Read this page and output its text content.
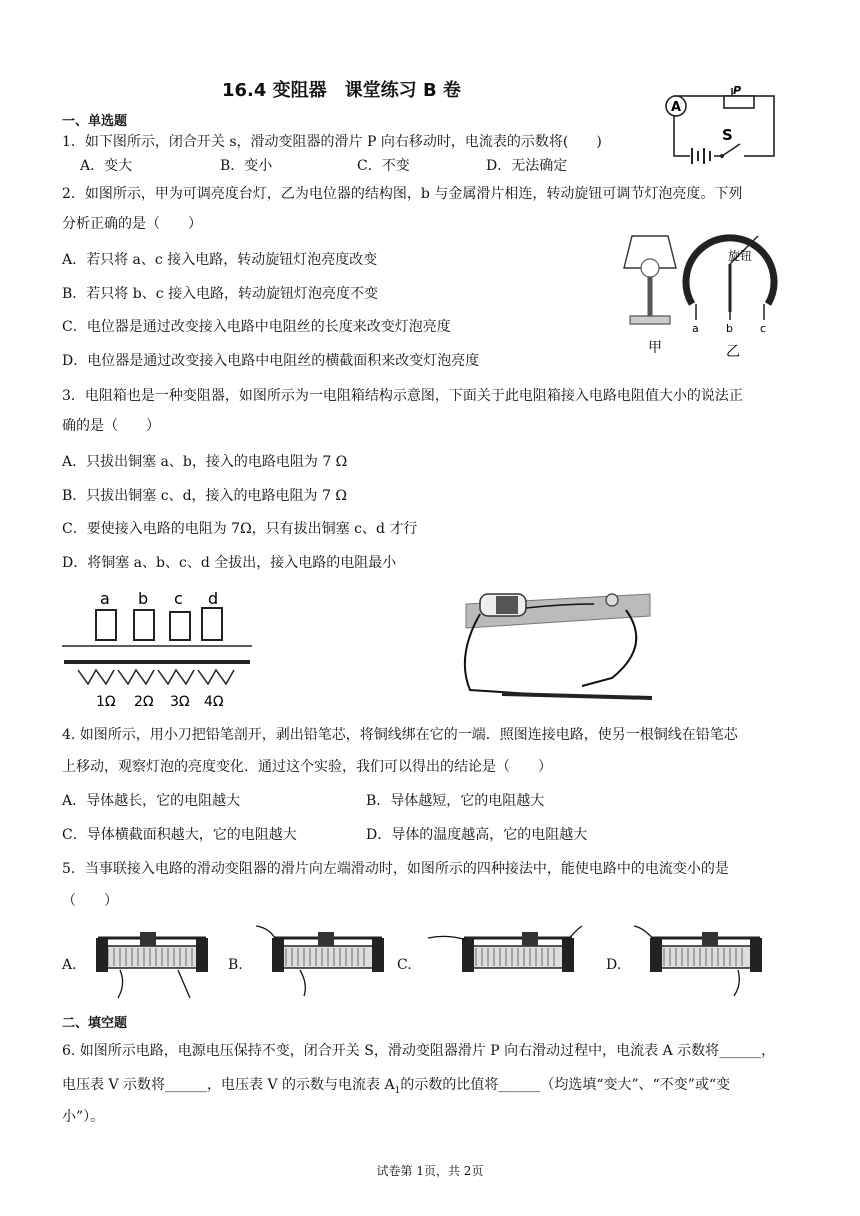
16.4 变阻器　课堂练习 B 卷
一、单选题
1．如下图所示，闭合开关 s，滑动变阻器的滑片 P 向右移动时，电流表的示数将(　　)
A．变大	B．变小	C．不变	D．无法确定
A
P
S
2．如图所示，甲为可调亮度台灯，乙为电位器的结构图，b 与金属滑片相连，转动旋钮可调节灯泡亮度。下列
分析正确的是（　　）
A．若只将 a、c 接入电路，转动旋钮灯泡亮度改变
B．若只将 b、c 接入电路，转动旋钮灯泡亮度不变
C．电位器是通过改变接入电路中电阻丝的长度来改变灯泡亮度
D．电位器是通过改变接入电路中电阻丝的横截面积来改变灯泡亮度
甲
旋钮
a b c
乙
3．电阻箱也是一种变阻器，如图所示为一电阻箱结构示意图，下面关于此电阻箱接入电路电阻值大小的说法正
确的是（　　）
A．只拔出铜塞 a、b，接入的电路电阻为 7 Ω
B．只拔出铜塞 c、d，接入的电路电阻为 7 Ω
C．要使接入电路的电阻为 7Ω，只有拔出铜塞 c、d 才行
D．将铜塞 a、b、c、d 全拔出，接入电路的电阻最小
a b c d
1Ω 2Ω 3Ω 4Ω
4. 如图所示，用小刀把铅笔剖开，剥出铅笔芯，将铜线绑在它的一端．照图连接电路，使另一根铜线在铅笔芯
上移动，观察灯泡的亮度变化．通过这个实验，我们可以得出的结论是（　　）
A．导体越长，它的电阻越大	B．导体越短，它的电阻越大
C．导体横截面积越大，它的电阻越大	D．导体的温度越高，它的电阻越大
5．当事联接入电路的滑动变阻器的滑片向左端滑动时，如图所示的四种接法中，能使电路中的电流变小的是
（　　）
A.	B.	C.	D.
二、填空题
6. 如图所示电路，电源电压保持不变，闭合开关 S，滑动变阻器滑片 P 向右滑动过程中，电流表 A 示数将______，
电压表 V 示数将______，电压表 V 的示数与电流表 $A_1$的示数的比值将______（均选填“变大”、“不变”或“变
小”）。
试卷第 1页，共 2页
